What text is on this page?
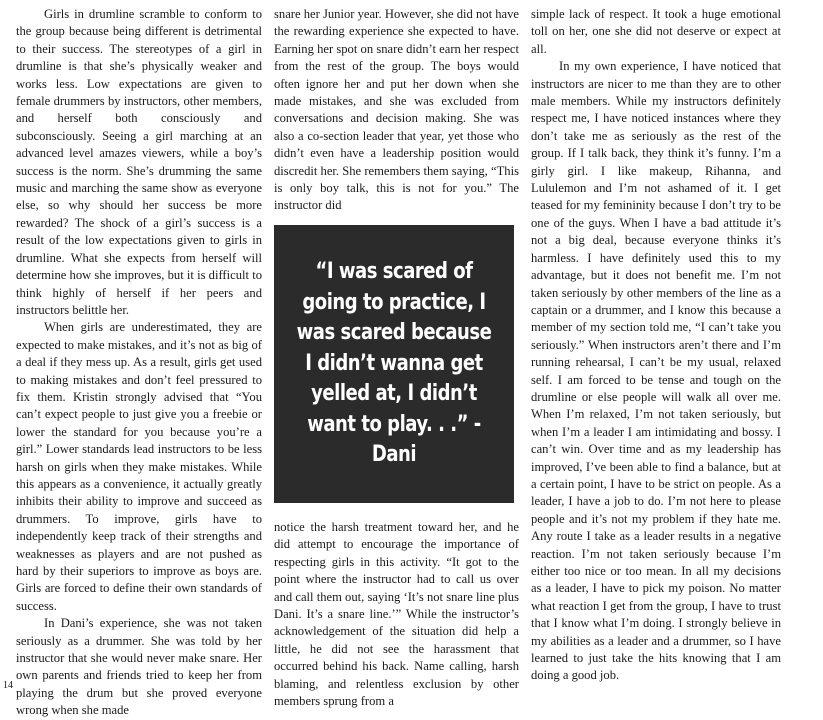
Girls in drumline scramble to conform to the group because being different is detrimental to their success. The stereotypes of a girl in drumline is that she’s physically weaker and works less. Low expectations are given to female drummers by instructors, other members, and herself both consciously and subconsciously. Seeing a girl marching at an advanced level amazes viewers, while a boy’s success is the norm. She’s drumming the same music and marching the same show as everyone else, so why should her success be more rewarded? The shock of a girl’s success is a result of the low expectations given to girls in drumline. What she expects from herself will determine how she improves, but it is difficult to think highly of herself if her peers and instructors belittle her.

When girls are underestimated, they are expected to make mistakes, and it’s not as big of a deal if they mess up. As a result, girls get used to making mistakes and don’t feel pressured to fix them. Kristin strongly advised that “You can’t expect people to just give you a freebie or lower the standard for you because you’re a girl.” Lower standards lead instructors to be less harsh on girls when they make mistakes. While this appears as a convenience, it actually greatly inhibits their ability to improve and succeed as drummers. To improve, girls have to independently keep track of their strengths and weaknesses as players and are not pushed as hard by their superiors to improve as boys are. Girls are forced to define their own standards of success.

In Dani’s experience, she was not taken seriously as a drummer. She was told by her instructor that she would never make snare. Her own parents and friends tried to keep her from playing the drum but she proved everyone wrong when she made

snare her Junior year. However, she did not have the rewarding experience she expected to have. Earning her spot on snare didn’t earn her respect from the rest of the group. The boys would often ignore her and put her down when she made mistakes, and she was excluded from conversations and decision making. She was also a co-section leader that year, yet those who didn’t even have a leadership position would discredit her. She remembers them saying, “This is only boy talk, this is not for you.” The instructor did

“I was scared of going to practice, I was scared because I didn’t wanna get yelled at, I didn’t want to play. . .” -Dani

notice the harsh treatment toward her, and he did attempt to encourage the importance of respecting girls in this activity. “It got to the point where the instructor had to call us over and call them out, saying ‘It’s not snare line plus Dani. It’s a snare line.’” While the instructor’s acknowledgement of the situation did help a little, he did not see the harassment that occurred behind his back. Name calling, harsh blaming, and relentless exclusion by other members sprung from a

simple lack of respect. It took a huge emotional toll on her, one she did not deserve or expect at all.

In my own experience, I have noticed that instructors are nicer to me than they are to other male members. While my instructors definitely respect me, I have noticed instances where they don’t take me as seriously as the rest of the group. If I talk back, they think it’s funny. I’m a girly girl. I like makeup, Rihanna, and Lululemon and I’m not ashamed of it. I get teased for my femininity because I don’t try to be one of the guys. When I have a bad attitude it’s not a big deal, because everyone thinks it’s harmless. I have definitely used this to my advantage, but it does not benefit me. I’m not taken seriously by other members of the line as a captain or a drummer, and I know this because a member of my section told me, “I can’t take you seriously.” When instructors aren’t there and I’m running rehearsal, I can’t be my usual, relaxed self. I am forced to be tense and tough on the drumline or else people will walk all over me. When I’m relaxed, I’m not taken seriously, but when I’m a leader I am intimidating and bossy. I can’t win. Over time and as my leadership has improved, I’ve been able to find a balance, but at a certain point, I have to be strict on people. As a leader, I have a job to do. I’m not here to please people and it’s not my problem if they hate me. Any route I take as a leader results in a negative reaction. I’m not taken seriously because I’m either too nice or too mean. In all my decisions as a leader, I have to pick my poison. No matter what reaction I get from the group, I have to trust that I know what I’m doing. I strongly believe in my abilities as a leader and a drummer, so I have learned to just take the hits knowing that I am doing a good job.

14
